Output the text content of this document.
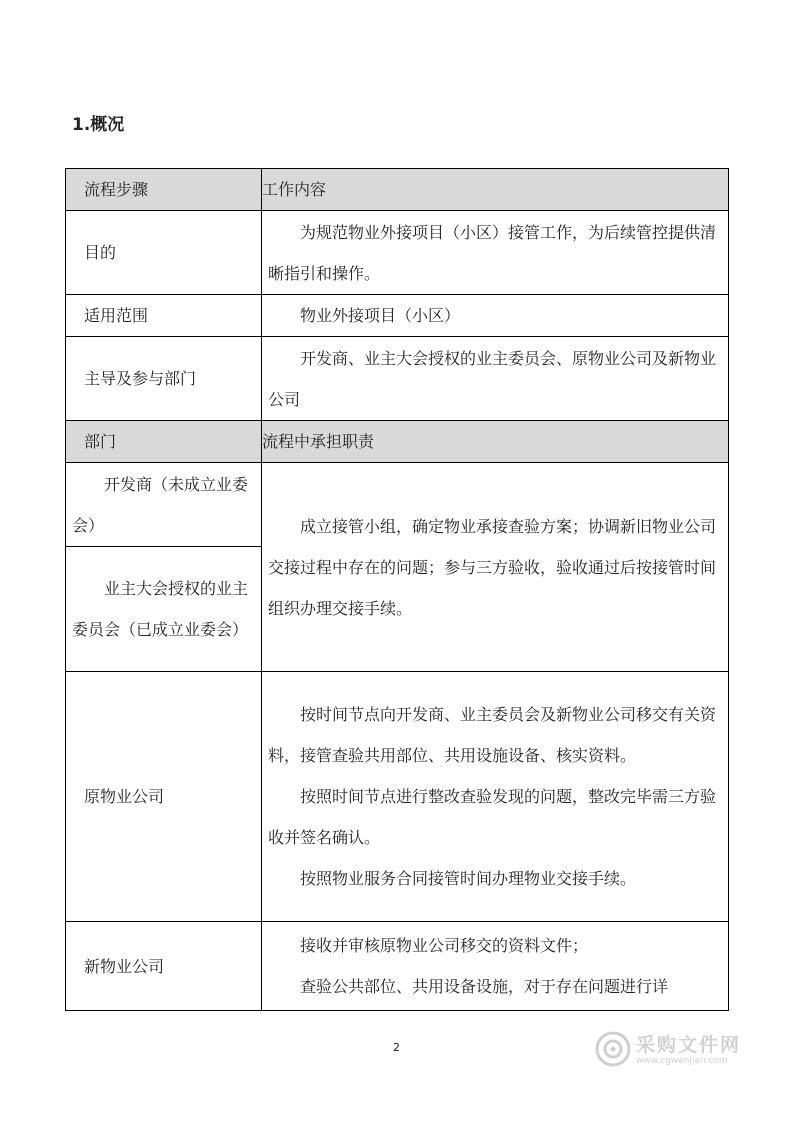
1.概况
流程步骤	工作内容
目的	为规范物业外接项目（小区）接管工作，为后续管控提供清晰指引和操作。

适用范围	物业外接项目（小区）

主导及参与部门	开发商、业主大会授权的业主委员会、原物业公司及新物业公司

部门	流程中承担职责

开发商（未成立业委会）	成立接管小组，确定物业承接查验方案；协调新旧物业公司交接过程中存在的问题；参与三方验收，验收通过后按接管时间组织办理交接手续。

业主大会授权的业主委员会（已成立业委会）	

原物业公司	按时间节点向开发商、业主委员会及新物业公司移交有关资料，接管查验共用部位、共用设施设备、核实资料。

按照时间节点进行整改查验发现的问题，整改完毕需三方验收并签名确认。

按照物业服务合同接管时间办理物业交接手续。

新物业公司	接收并审核原物业公司移交的资料文件；

查验公共部位、共用设备设施，对于存在问题进行详

2	采购文件网
www.cgwenjian.com
